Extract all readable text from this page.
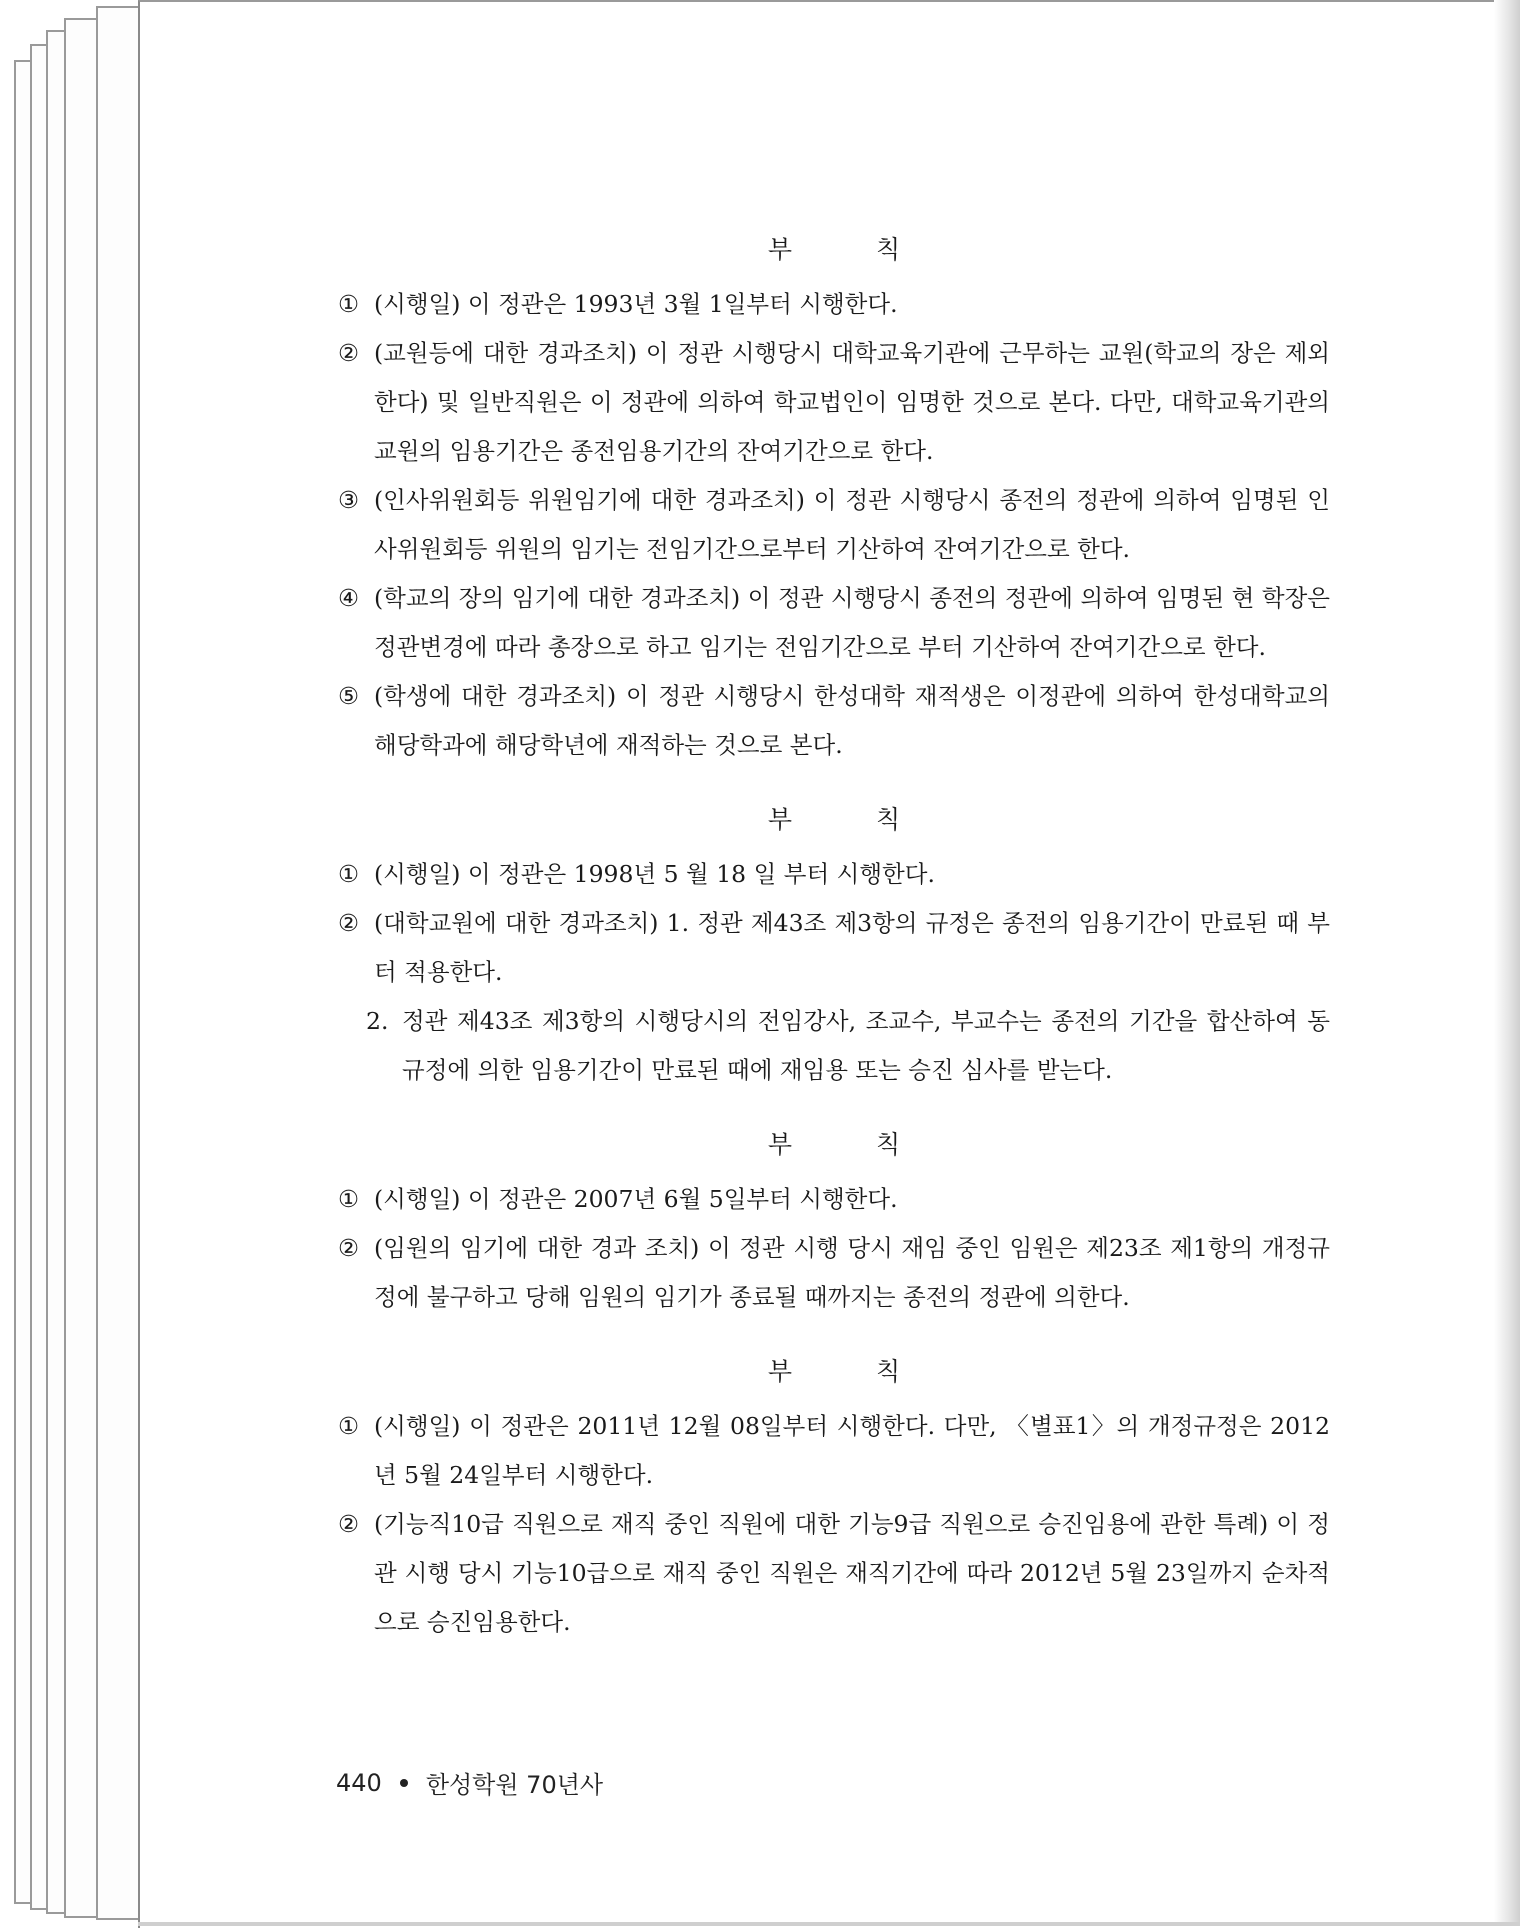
부 칙
① (시행일) 이 정관은 1993년 3월 1일부터 시행한다.
② (교원등에 대한 경과조치) 이 정관 시행당시 대학교육기관에 근무하는 교원(학교의 장은 제외한다) 및 일반직원은 이 정관에 의하여 학교법인이 임명한 것으로 본다. 다만, 대학교육기관의 교원의 임용기간은 종전임용기간의 잔여기간으로 한다.
③ (인사위원회등 위원임기에 대한 경과조치) 이 정관 시행당시 종전의 정관에 의하여 임명된 인사위원회등 위원의 임기는 전임기간으로부터 기산하여 잔여기간으로 한다.
④ (학교의 장의 임기에 대한 경과조치) 이 정관 시행당시 종전의 정관에 의하여 임명된 현 학장은 정관변경에 따라 총장으로 하고 임기는 전임기간으로 부터 기산하여 잔여기간으로 한다.
⑤ (학생에 대한 경과조치) 이 정관 시행당시 한성대학 재적생은 이정관에 의하여 한성대학교의 해당학과에 해당학년에 재적하는 것으로 본다.
부 칙
① (시행일) 이 정관은 1998년 5 월 18 일 부터 시행한다.
② (대학교원에 대한 경과조치) 1. 정관 제43조 제3항의 규정은 종전의 임용기간이 만료된 때 부터 적용한다.
2. 정관 제43조 제3항의 시행당시의 전임강사, 조교수, 부교수는 종전의 기간을 합산하여 동 규정에 의한 임용기간이 만료된 때에 재임용 또는 승진 심사를 받는다.
부 칙
① (시행일) 이 정관은 2007년 6월 5일부터 시행한다.
② (임원의 임기에 대한 경과 조치) 이 정관 시행 당시 재임 중인 임원은 제23조 제1항의 개정규정에 불구하고 당해 임원의 임기가 종료될 때까지는 종전의 정관에 의한다.
부 칙
① (시행일) 이 정관은 2011년 12월 08일부터 시행한다. 다만, 〈별표1〉의 개정규정은 2012년 5월 24일부터 시행한다.
② (기능직10급 직원으로 재직 중인 직원에 대한 기능9급 직원으로 승진임용에 관한 특례) 이 정관 시행 당시 기능10급으로 재직 중인 직원은 재직기간에 따라 2012년 5월 23일까지 순차적으로 승진임용한다.
440 한성학원 70년사
